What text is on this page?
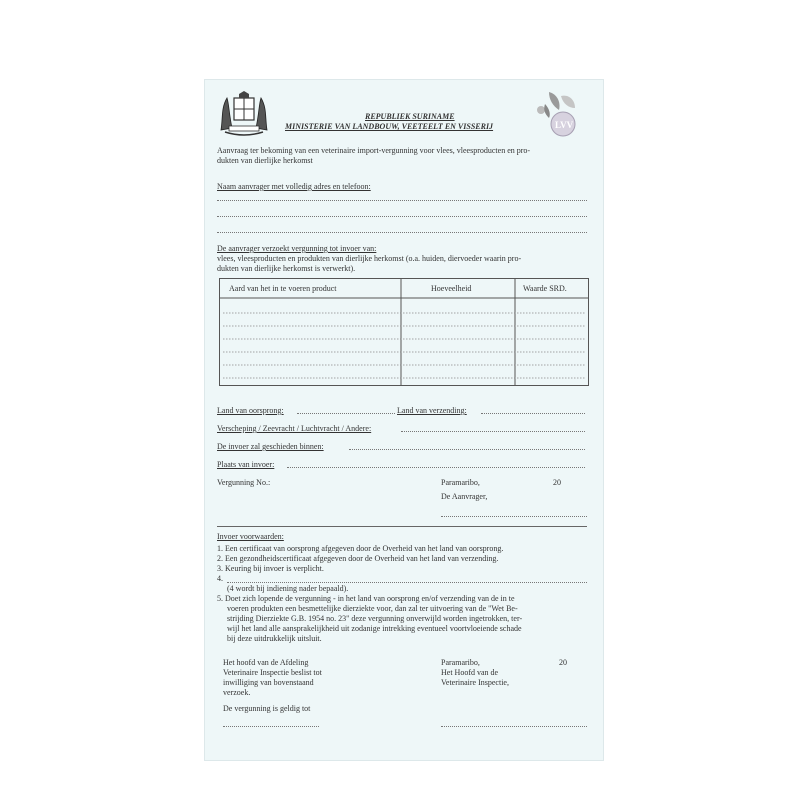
LVV
REPUBLIEK SURINAME
MINISTERIE VAN LANDBOUW, VEETEELT EN VISSERIJ
Aanvraag ter bekoming van een veterinaire import-vergunning voor vlees, vleesproducten en pro-
dukten van dierlijke herkomst
Naam aanvrager met volledig adres en telefoon:
De aanvrager verzoekt vergunning tot invoer van:
vlees, vleesproducten en produkten van dierlijke herkomst (o.a. huiden, diervoeder waarin pro-
dukten van dierlijke herkomst is verwerkt).
Aard van het in te voeren product	Hoeveelheid	Waarde SRD.
Land van oorsprong:	Land van verzending:
Verscheping / Zeevracht / Luchtvracht / Andere:
De invoer zal geschieden binnen:
Plaats van invoer:
Vergunning No.:	Paramaribo,	20
De Aanvrager,
Invoer voorwaarden:
1. Een certificaat van oorsprong afgegeven door de Overheid van het land van oorsprong.
2. Een gezondheidscertificaat afgegeven door de Overheid van het land van verzending.
3. Keuring bij invoer is verplicht.
4.
(4 wordt bij indiening nader bepaald).
5. Doet zich lopende de vergunning - in het land van oorsprong en/of verzending van de in te
voeren produkten een besmettelijke dierziekte voor, dan zal ter uitvoering van de "Wet Be-
strijding Dierziekte G.B. 1954 no. 23" deze vergunning onverwijld worden ingetrokken, ter-
wijl het land alle aansprakelijkheid uit zodanige intrekking eventueel voortvloeiende schade
bij deze uitdrukkelijk uitsluit.
Het hoofd van de Afdeling
Veterinaire Inspectie beslist tot
inwilliging van bovenstaand
verzoek.
Paramaribo,	20
Het Hoofd van de
Veterinaire Inspectie,
De vergunning is geldig tot
